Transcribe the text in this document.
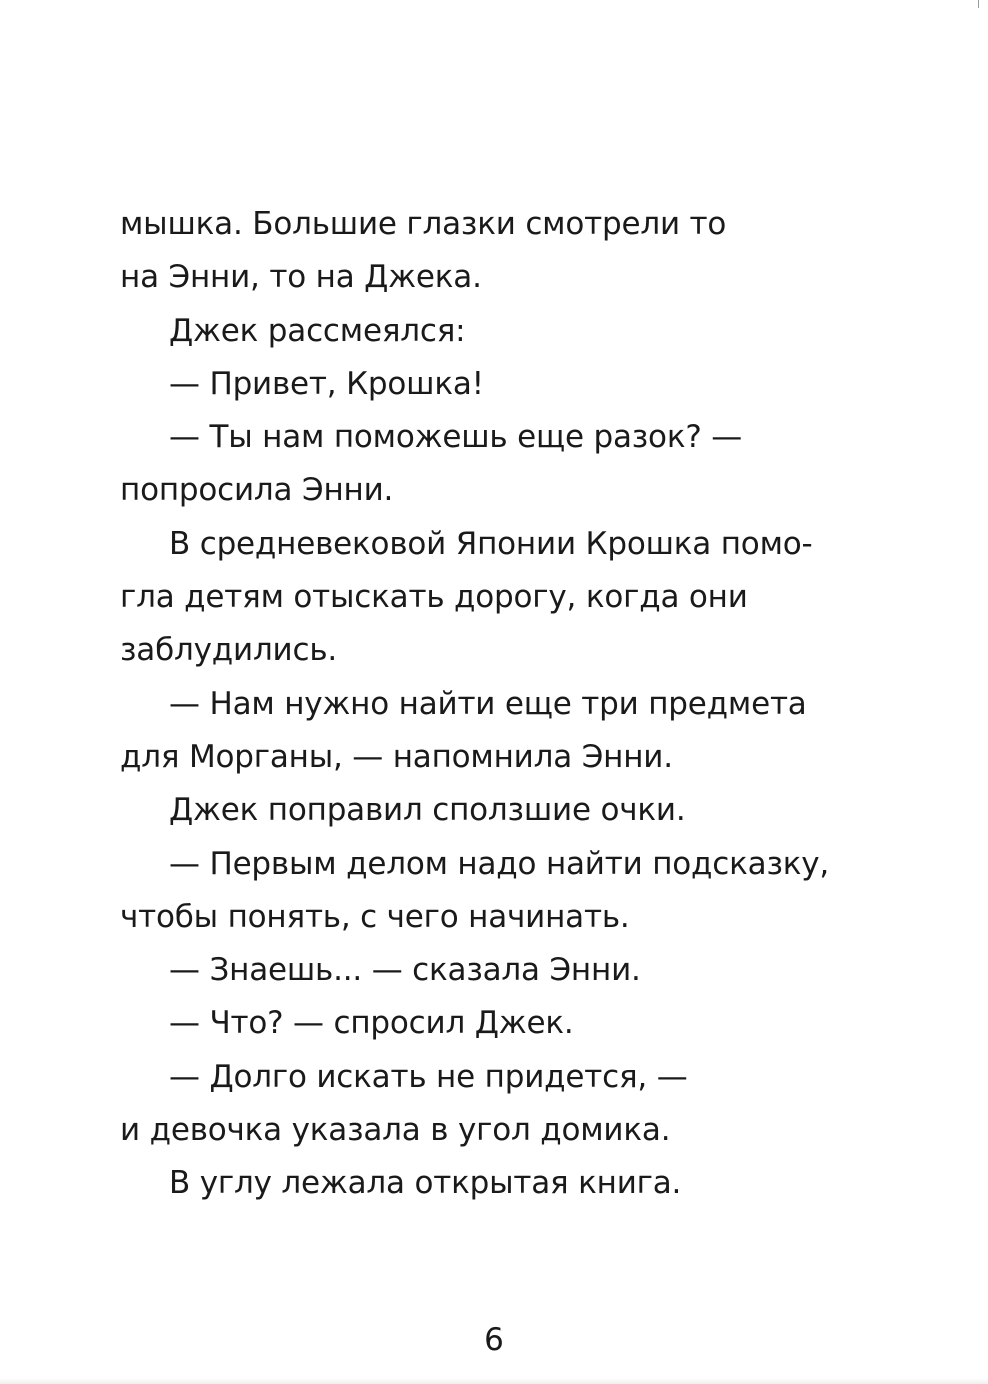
мышка. Большие глазки смотрели то
на Энни, то на Джека.
Джек рассмеялся:
— Привет, Крошка!
— Ты нам поможешь еще разок? —
попросила Энни.
В средневековой Японии Крошка помо-
гла детям отыскать дорогу, когда они
заблудились.
— Нам нужно найти еще три предмета
для Морганы, — напомнила Энни.
Джек поправил сползшие очки.
— Первым делом надо найти подсказку,
чтобы понять, с чего начинать.
— Знаешь... — сказала Энни.
— Что? — спросил Джек.
— Долго искать не придется, —
и девочка указала в угол домика.
В углу лежала открытая книга.
6
